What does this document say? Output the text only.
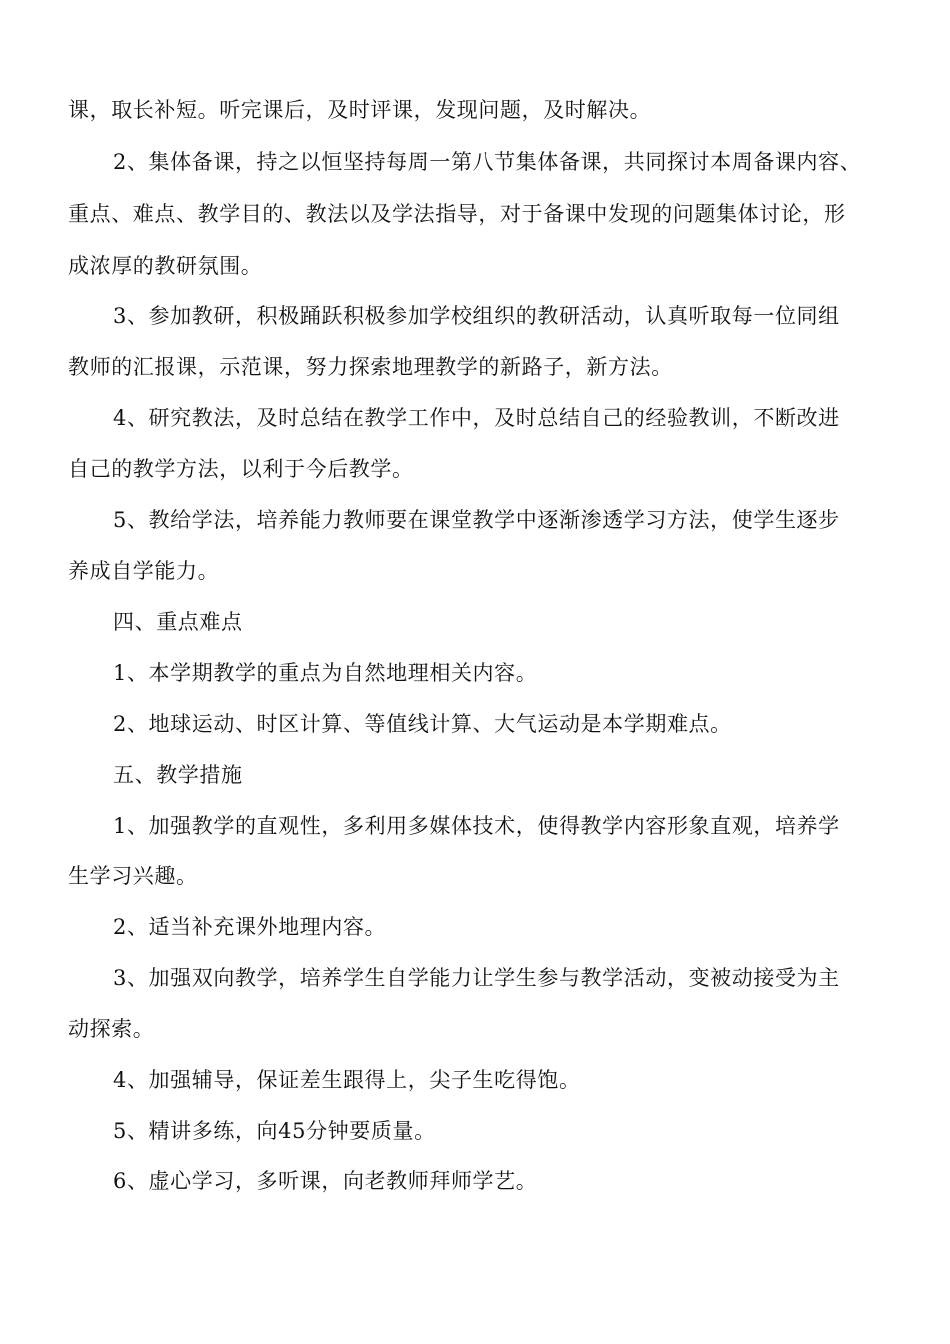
课，取长补短。听完课后，及时评课，发现问题，及时解决。
2、集体备课，持之以恒坚持每周一第八节集体备课，共同探讨本周备课内容、
重点、难点、教学目的、教法以及学法指导，对于备课中发现的问题集体讨论，形
成浓厚的教研氛围。
3、参加教研，积极踊跃积极参加学校组织的教研活动，认真听取每一位同组
教师的汇报课，示范课，努力探索地理教学的新路子，新方法。
4、研究教法，及时总结在教学工作中，及时总结自己的经验教训，不断改进
自己的教学方法，以利于今后教学。
5、教给学法，培养能力教师要在课堂教学中逐渐渗透学习方法，使学生逐步
养成自学能力。
四、重点难点
1、本学期教学的重点为自然地理相关内容。
2、地球运动、时区计算、等值线计算、大气运动是本学期难点。
五、教学措施
1、加强教学的直观性，多利用多媒体技术，使得教学内容形象直观，培养学
生学习兴趣。
2、适当补充课外地理内容。
3、加强双向教学，培养学生自学能力让学生参与教学活动，变被动接受为主
动探索。
4、加强辅导，保证差生跟得上，尖子生吃得饱。
5、精讲多练，向45分钟要质量。
6、虚心学习，多听课，向老教师拜师学艺。
